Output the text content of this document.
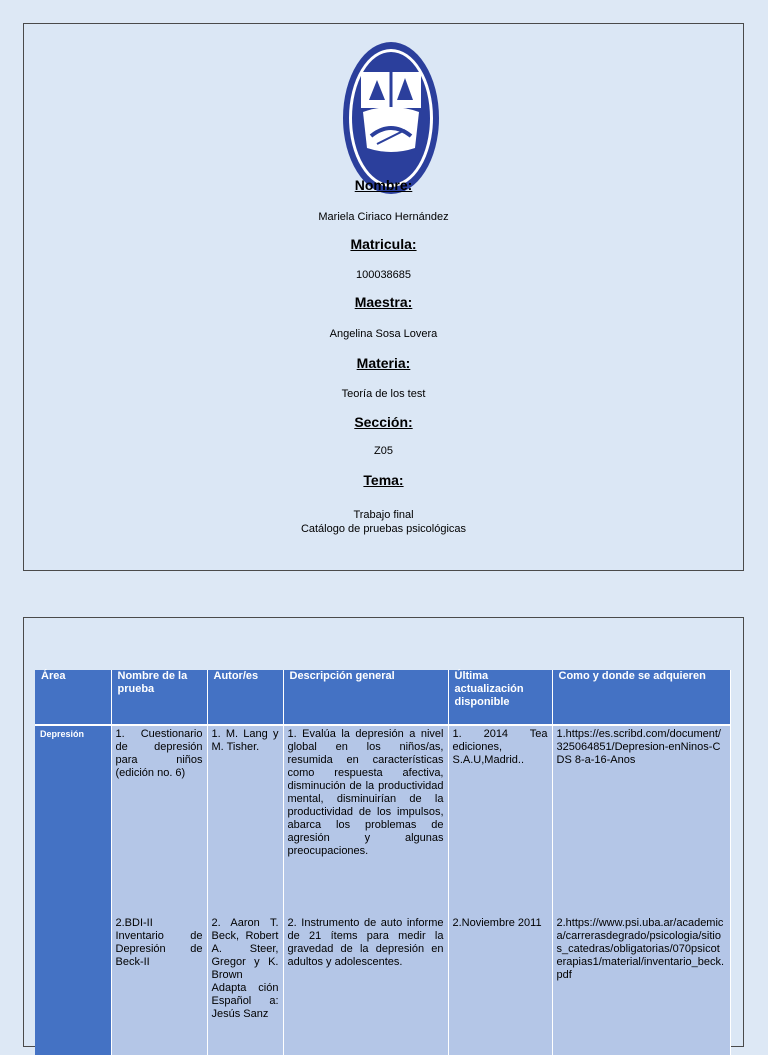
Nombre:
Mariela Ciriaco Hernández
Matricula:
100038685
Maestra:
Angelina Sosa Lovera
Materia:
Teoría de los test
Sección:
Z05
Tema:
Trabajo final
Catálogo de pruebas psicológicas
Área	Nombre de la prueba	Autor/es	Descripción general	Última actualización disponible	Como y donde se adquieren
Depresión	1. Cuestionario de depresión para niños (edición no. 6)	1. M. Lang y M. Tisher.	1. Evalúa la depresión a nivel global en los niños/as, resumida en características como respuesta afectiva, disminución de la productividad mental, disminuirían de la productividad de los impulsos, abarca los problemas de agresión y algunas preocupaciones.	1. 2014 Tea ediciones, S.A.U,Madrid..	1.https://es.scribd.com/document/325064851/Depresion-enNinos-CDS 8-a-16-Anos
	2.BDI-II Inventario de Depresión de Beck-II	2. Aaron T. Beck, Robert A. Steer, Gregor y K. Brown Adapta ción Español a: Jesús Sanz	2. Instrumento de auto informe de 21 ítems para medir la gravedad de la depresión en adultos y adolescentes.	2.Noviembre 2011	2.https://www.psi.uba.ar/academica/carrerasdegrado/psicologia/sitios_catedras/obligatorias/070psicoterapias1/material/inventario_beck.pdf
